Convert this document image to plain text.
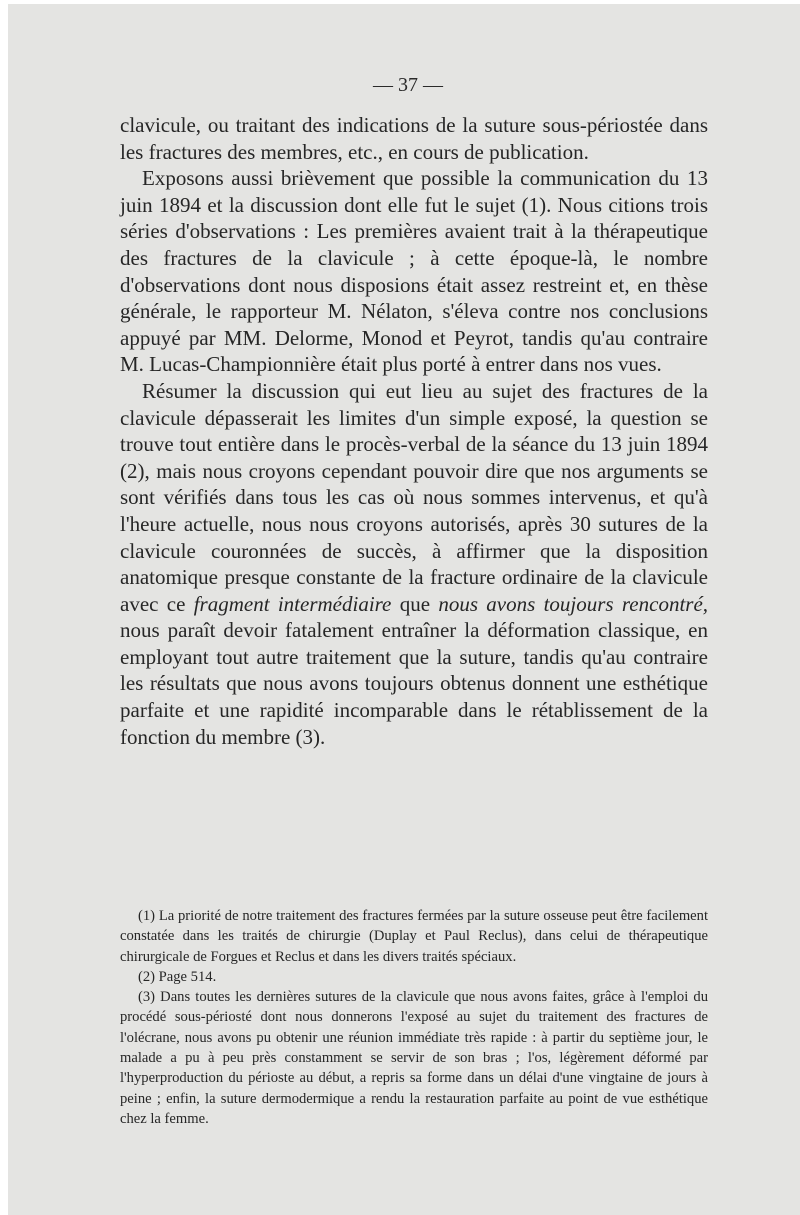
— 37 —

clavicule, ou traitant des indications de la suture sous-périostée dans les fractures des membres, etc., en cours de publication.

Exposons aussi brièvement que possible la communication du 13 juin 1894 et la discussion dont elle fut le sujet (1). Nous citions trois séries d'observations : Les premières avaient trait à la thérapeutique des fractures de la clavicule ; à cette époque-là, le nombre d'observations dont nous disposions était assez restreint et, en thèse générale, le rapporteur M. Nélaton, s'éleva contre nos conclusions appuyé par MM. Delorme, Monod et Peyrot, tandis qu'au contraire M. Lucas-Championnière était plus porté à entrer dans nos vues.

Résumer la discussion qui eut lieu au sujet des fractures de la clavicule dépasserait les limites d'un simple exposé, la question se trouve tout entière dans le procès-verbal de la séance du 13 juin 1894 (2), mais nous croyons cependant pouvoir dire que nos arguments se sont vérifiés dans tous les cas où nous sommes intervenus, et qu'à l'heure actuelle, nous nous croyons autorisés, après 30 sutures de la clavicule couronnées de succès, à affirmer que la disposition anatomique presque constante de la fracture ordinaire de la clavicule avec ce fragment intermédiaire que nous avons toujours rencontré, nous paraît devoir fatalement entraîner la déformation classique, en employant tout autre traitement que la suture, tandis qu'au contraire les résultats que nous avons toujours obtenus donnent une esthétique parfaite et une rapidité incomparable dans le rétablissement de la fonction du membre (3).

(1) La priorité de notre traitement des fractures fermées par la suture osseuse peut être facilement constatée dans les traités de chirurgie (Duplay et Paul Reclus), dans celui de thérapeutique chirurgicale de Forgues et Reclus et dans les divers traités spéciaux.

(2) Page 514.

(3) Dans toutes les dernières sutures de la clavicule que nous avons faites, grâce à l'emploi du procédé sous-périosté dont nous donnerons l'exposé au sujet du traitement des fractures de l'olécrane, nous avons pu obtenir une réunion immédiate très rapide : à partir du septième jour, le malade a pu à peu près constamment se servir de son bras ; l'os, légèrement déformé par l'hyperproduction du périoste au début, a repris sa forme dans un délai d'une vingtaine de jours à peine ; enfin, la suture dermodermique a rendu la restauration parfaite au point de vue esthétique chez la femme.
